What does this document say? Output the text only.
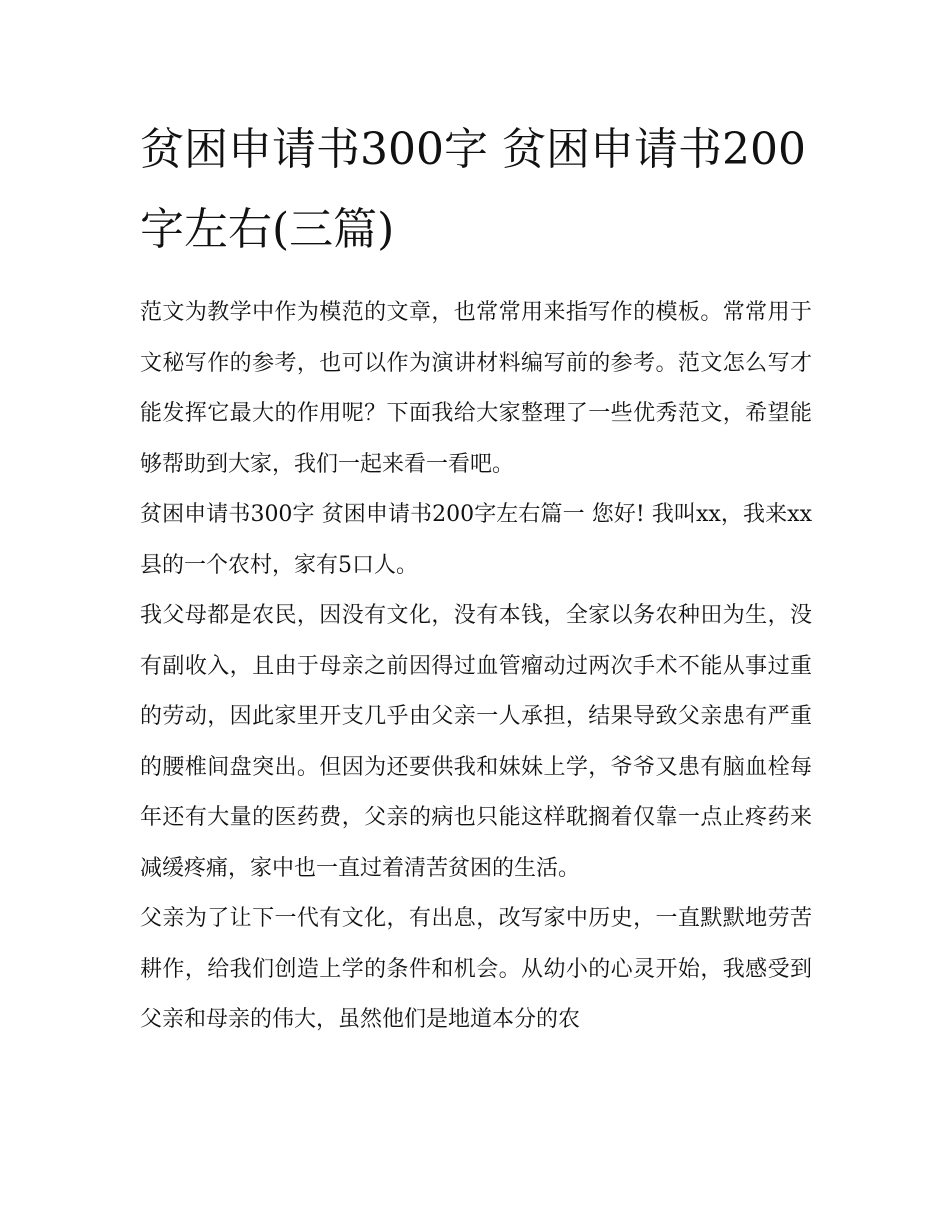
贫困申请书300字 贫困申请书200字左右(三篇)

范文为教学中作为模范的文章，也常常用来指写作的模板。常常用于文秘写作的参考，也可以作为演讲材料编写前的参考。范文怎么写才能发挥它最大的作用呢？下面我给大家整理了一些优秀范文，希望能够帮助到大家，我们一起来看一看吧。

贫困申请书300字 贫困申请书200字左右篇一 您好! 我叫xx，我来xx县的一个农村，家有5口人。

我父母都是农民，因没有文化，没有本钱，全家以务农种田为生，没有副收入，且由于母亲之前因得过血管瘤动过两次手术不能从事过重的劳动，因此家里开支几乎由父亲一人承担，结果导致父亲患有严重的腰椎间盘突出。但因为还要供我和妹妹上学，爷爷又患有脑血栓每年还有大量的医药费，父亲的病也只能这样耽搁着仅靠一点止疼药来减缓疼痛，家中也一直过着清苦贫困的生活。

父亲为了让下一代有文化，有出息，改写家中历史，一直默默地劳苦耕作，给我们创造上学的条件和机会。从幼小的心灵开始，我感受到父亲和母亲的伟大，虽然他们是地道本分的农
